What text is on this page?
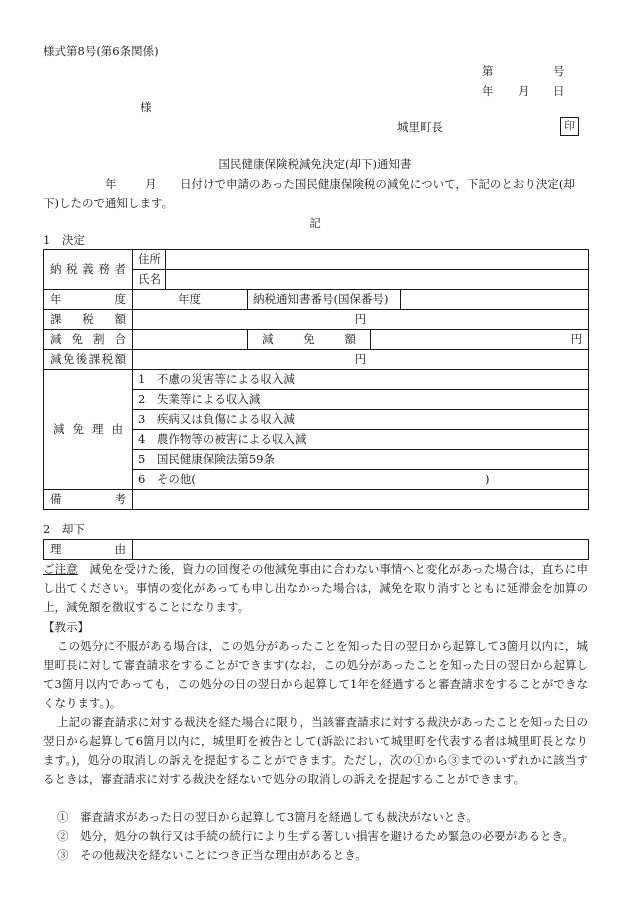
様式第8号(第6条関係)
第	号
年 月 日
様
城里町長	印
国民健康保険税減免決定(却下)通知書
年 月 日付けで申請のあった国民健康保険税の減免について，下記のとおり決定(却
下)したので通知します。
記
1　決定
納税義務者	住所				
	氏名				
年　　度	年度		納税通知書番号(国保番号)		
課税額	円				
減免割合			減免額	円	
減免後課税額	円				
減免理由	1　不慮の災害等による収入減				
	2　失業等による収入減				
	3　疾病又は負傷による収入減				
	4　農作物等の被害による収入減				
	5　国民健康保険法第59条				
	6　その他( )				

備考					
2　却下
理由	
ご注意　減免を受けた後，資力の回復その他減免事由に合わない事情へと変化があった場合は，直ちに申し出てください。事情の変化があっても申し出なかった場合は，減免を取り消すとともに延滞金を加算の上，減免額を徴収することになります。
【教示】
この処分に不服がある場合は，この処分があったことを知った日の翌日から起算して3箇月以内に，城里町長に対して審査請求をすることができます(なお，この処分があったことを知った日の翌日から起算して3箇月以内であっても，この処分の日の翌日から起算して1年を経過すると審査請求をすることができなくなります。)。
上記の審査請求に対する裁決を経た場合に限り，当該審査請求に対する裁決があったことを知った日の翌日から起算して6箇月以内に，城里町を被告として(訴訟において城里町を代表する者は城里町長となります。)，処分の取消しの訴えを提起することができます。ただし，次の①から③までのいずれかに該当するときは，審査請求に対する裁決を経ないで処分の取消しの訴えを提起することができます。
①　審査請求があった日の翌日から起算して3箇月を経過しても裁決がないとき。
②　処分，処分の執行又は手続の続行により生ずる著しい損害を避けるため緊急の必要があるとき。
③　その他裁決を経ないことにつき正当な理由があるとき。
